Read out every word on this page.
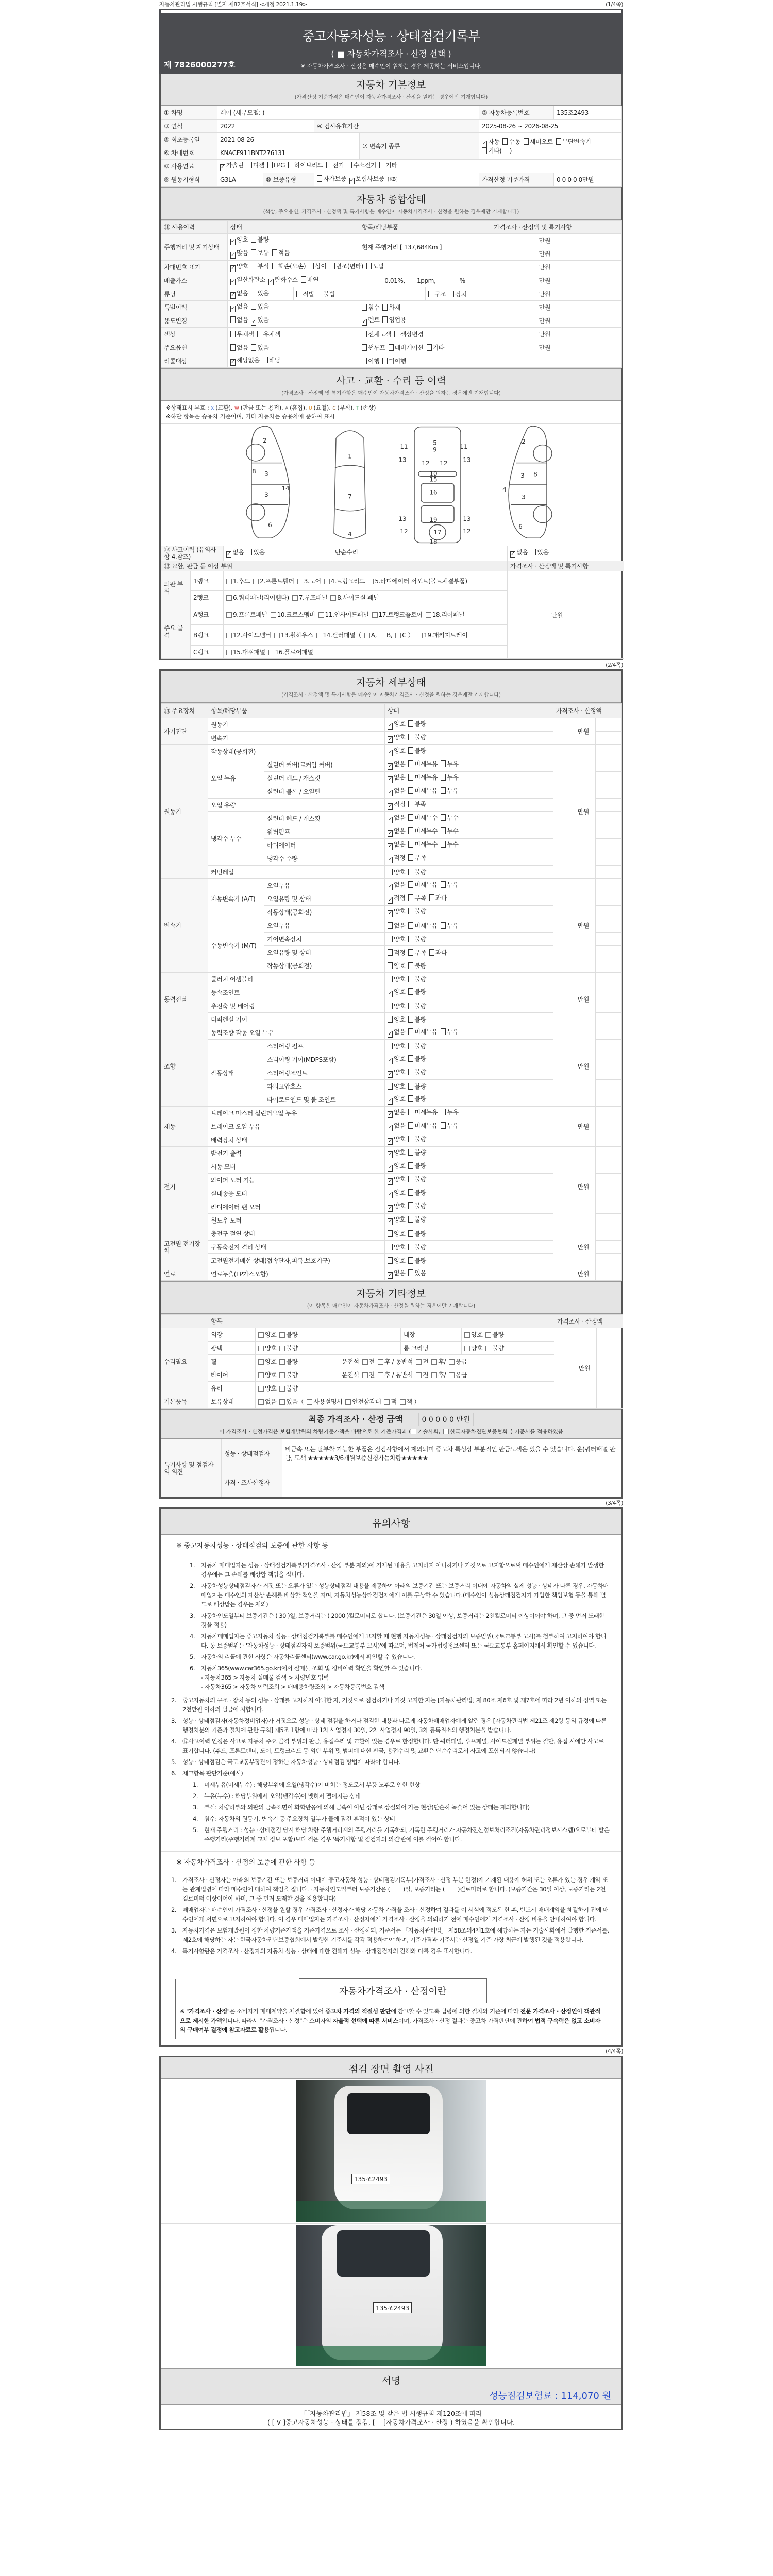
자동차관리법 시행규칙 [별지 제82호서식] <개정 2021.1.19>	(1/4쪽)
중고자동차성능 · 상태점검기록부
( ■ 자동차가격조사 · 산정 선택 )
※ 자동차가격조사 · 산정은 매수인이 원하는 경우 제공하는 서비스입니다.
제 7826000277호
자동차 기본정보
(가격산정 기준가격은 매수인이 자동차가격조사 · 산정을 원하는 경우에만 기재합니다)
① 차명	레이 (세부모델: )				② 자동차등록번호	135조2493
③ 연식	2022		④ 검사유효기간		2025-08-26 ~ 2026-08-25	
⑤ 최초등록일	2021-08-26			⑦ 변속기 종류	✓ 자동 수동 세미오토 무단변속기기타(　 )	
⑥ 차대번호	KNACF911BNT276131					
⑧ 사용연료	✓ 가솔린 디젤 LPG 하이브리드 전기 수소전기 기타					
⑨ 원동기형식	G3LA	⑩ 보증유형	자가보증 ✓ 보험사보증 [KB]		가격산정 기준가격	0 0 0 0 0만원
자동차 종합상태
(색상, 주요옵션, 가격조사 · 산정액 및 특기사항은 매수인이 자동차가격조사 · 산정을 원하는 경우에만 기재합니다)
⑪ 사용이력	상태		항목/해당부품		가격조사 · 산정액 및 특기사항	
주행거리 및 계기상태	✓ 양호 불량		현재 주행거리 [ 137,684Km ]		만원	
	✓ 많음 보통 적음				만원	
차대번호 표기	✓ 양호 부식 훼손(오손) 상이 변조(변타) 도말				만원	
배출가스	✓ 일산화탄소 ✓ 탄화수소 매연		0.01%,　　1ppm,　　　　%		만원	
튜닝	✓ 없음 있음	적법 불법		구조 장치	만원	
특별이력	✓ 없음 있음		침수 화재		만원	
용도변경	없음 ✓ 있음		✓ 렌트 영업용		만원	
색상	무채색 유채색		전체도색 색상변경		만원	
주요옵션	없음 있음		썬루프 네비게이션 기타		만원	
리콜대상	✓ 해당없음 해당		이행 미이행			
사고 · 교환 · 수리 등 이력
(가격조사 · 산정액 및 특기사항은 매수인이 자동차가격조사 · 산정을 원하는 경우에만 기재합니다)
※상태표시 부호 : X (교환), W (판금 또는 용접), A (흠집), U (요철), C (부식), T (손상)
※하단 항목은 승용차 기준이며, 기타 자동차는 승용차에 준하여 표시
2
8 3
14
3
6
1
7
4
5
9
11	11
13	13
12 12
10
15
16
13	13
19
12	12
17
18
2
3 8
4
3
6
⑫ 사고이력 (유의사항 4.참조)		✓ 없음 있음 단순수리	✓ 없음 있음	
⑬ 교환, 판금 등 이상 부위			가격조사 · 산정액 및 특기사항	
외판 부위	1랭크	1.후드 2.프론트휀더 3.도어 4.트렁크리드 5.라디에이터 서포트(볼트체결부품)	만원	
	2랭크	6.쿼터패널(리어휀다) 7.루프패널 8.사이드실 패널		
주요 골격	A랭크	9.프론트패널 10.크로스멤버 11.인사이드패널 17.트렁크플로어 18.리어패널		
	B랭크	12.사이드멤버 13.휠하우스 14.필러패널（ A, B, C ） 19.패키지트레이		
	C랭크	15.대쉬패널 16.플로어패널		
(2/4쪽)
자동차 세부상태
(가격조사 · 산정액 및 특기사항은 매수인이 자동차가격조사 · 산정을 원하는 경우에만 기재합니다)
⑭ 주요장치	항목/해당부품		상태	가격조사 · 산정액	
자기진단	원동기		✓ 양호 불량	만원	
	변속기		✓ 양호 불량		
원동기	작동상태(공회전)		✓ 양호 불량	만원	
	오일 누유	실린더 커버(로커암 커버)	✓ 없음 미세누유 누유		
		실린더 헤드 / 개스킷	✓ 없음 미세누유 누유		
		실린더 블록 / 오일팬	✓ 없음 미세누유 누유		
	오일 유량		✓ 적정 부족		
	냉각수 누수	실린더 헤드 / 개스킷	✓ 없음 미세누수 누수		
		워터펌프	✓ 없음 미세누수 누수		
		라디에이터	✓ 없음 미세누수 누수		
		냉각수 수량	✓ 적정 부족		
	커먼레일		양호 불량		
변속기	자동변속기 (A/T)	오일누유	✓ 없음 미세누유 누유	만원	
		오일유량 및 상태	✓ 적정 부족 과다		
		작동상태(공회전)	✓ 양호 불량		
	수동변속기 (M/T)	오일누유	없음 미세누유 누유		
		기어변속장치	양호 불량		
		오일유량 및 상태	적정 부족 과다		
		작동상태(공회전)	양호 불량		
동력전달	클러치 어셈블리		양호 불량	만원	
	등속조인트		✓ 양호 불량		
	추진축 및 베어링		양호 불량		
	디퍼렌셜 기어		양호 불량		
조향	동력조향 작동 오일 누유		✓ 없음 미세누유 누유	만원	
	작동상태	스티어링 펌프	양호 불량		
		스티어링 기어(MDPS포함)	✓ 양호 불량		
		스티어링조인트	✓ 양호 불량		
		파워고압호스	양호 불량		
		타이로드엔드 및 볼 조인트	✓ 양호 불량		
제동	브레이크 마스터 실린더오일 누유		✓ 없음 미세누유 누유	만원	
	브레이크 오일 누유		✓ 없음 미세누유 누유		
	배력장치 상태		✓ 양호 불량		
전기	발전기 출력		✓ 양호 불량	만원	
	시동 모터		✓ 양호 불량		
	와이퍼 모터 기능		✓ 양호 불량		
	실내송풍 모터		✓ 양호 불량		
	라디에이터 팬 모터		✓ 양호 불량		
	윈도우 모터		✓ 양호 불량		
고전원 전기장치	충전구 절연 상태		양호 불량	만원	
	구동축전지 격리 상태		양호 불량		
	고전원전기배선 상태(접속단자,피복,보호기구)		양호 불량		
연료	연료누출(LP가스포함)		✓ 없음 있음	만원	
자동차 기타정보
(이 항목은 매수인이 자동차가격조사 · 산정을 원하는 경우에만 기재합니다)
	항목					가격조사 · 산정액	
수리필요	외장	양호 불량		내장	양호 불량	만원	
	광택	양호 불량		룸 크리닝	양호 불량		
	휠	양호 불량	운전석 전 후 / 동반석 전 후/ 응급				
	타이어	양호 불량	운전석 전 후 / 동반석 전 후/ 응급				
	유리	양호 불량					
기본품목	보유상태	없음 있음（ 사용설명서 안전삼각대 잭 잭 ）					
최종 가격조사 · 산정 금액	0 0 0 0 0 만원
이 가격조사 · 산정가격은 보험개발원의 차량기준가액을 바탕으로 한 기준가격과 ( 기술사회, 한국자동차진단보증협회 ) 기준서를 적용하였음
특기사항 및 점검자의 의견	성능 · 상태점검자	비금속 또는 탈부착 가능한 부품은 점검사항에서 제외되며 중고차 특성상 부분적인 판금도색은 있을 수 있습니다. 운)쿼터패널 판금, 도색 ★★★★★3/6개월보증신청가능차량★★★★★
	가격 · 조사산정자	
(3/4쪽)
유의사항
※ 중고자동차성능 · 상태점검의 보증에 관한 사항 등
1.	자동차 매매업자는 성능 · 상태점검기록부(가격조사 · 산정 부분 제외)에 기재된 내용을 고지하지 아니하거나 거짓으로 고지함으로써 매수인에게 재산상 손해가 발생한 경우에는 그 손해를 배상할 책임을 집니다.
2.	자동차성능상태점검자가 거짓 또는 오류가 있는 성능상태점검 내용을 제공하여 아래의 보증기간 또는 보증거리 이내에 자동차의 실제 성능 · 상태가 다른 경우, 자동차매매업자는 매수인의 재산상 손해를 배상할 책임을 지며, 자동차성능상태점검자에게 이를 구상할 수 있습니다.(매수인이 성능상태점검자가 가입한 책임보험 등을 통해 별도로 배상받는 경우는 제외)
3.	자동차인도일부터 보증기간은 ( 30 )일, 보증거리는 ( 2000 )킬로미터로 합니다. (보증기간은 30일 이상, 보증거리는 2천킬로미터 이상이어야 하며, 그 중 먼저 도래한 것을 적용)
4.	자동차매매업자는 중고자동차 성능 · 상태점검기록부를 매수인에게 고지할 때 현행 자동차성능 · 상태점검자의 보증범위(국토교통부 고시)를 첨부하여 고지하여야 합니다. 동 보증범위는 '자동차성능 · 상태점검자의 보증범위(국토교통부 고시)'에 따르며, 법제처 국가법령정보센터 또는 국토교통부 홈페이지에서 확인할 수 있습니다.
5.	자동차의 리콜에 관한 사항은 자동차리콜센터(www.car.go.kr)에서 확인할 수 있습니다.
6.	자동차365(www.car365.go.kr)에서 실매물 조회 및 정비이력 확인을 확인할 수 있습니다.
- 자동차365 > 자동차 실매물 검색 > 차량번호 입력
- 자동차365 > 자동차 이력조회 > 매매용차량조회 > 자동차등록번호 검색
2.	중고자동차의 구조 · 장치 등의 성능 · 상태를 고지하지 아니한 자, 거짓으로 점검하거나 거짓 고지한 자는 [자동차관리법] 제 80조 제6호 및 제7호에 따라 2년 이하의 징역 또는 2천만원 이하의 벌금에 처합니다.
3.	성능 · 상태점검자(자동차정비업자)가 거짓으로 성능 · 상태 점검을 하거나 점검한 내용과 다르게 자동차매매업자에게 알린 경우 [자동차관리법 제21조 제2항 등의 규정에 따른 행정처분의 기준과 절차에 관한 규칙] 제5조 1항에 따라 1차 사업정지 30일, 2차 사업정지 90일, 3차 등록취소의 행정처분을 받습니다.
4.	⑫사고이력 인정은 사고로 자동차 주요 골격 부위의 판금, 용접수리 및 교환이 있는 경우로 한정합니다. 단 쿼터패널, 루프패널, 사이드실패널 부위는 절단, 용접 시에만 사고로 표기합니다. (후드, 프론트펜더, 도어, 트렁크리드 등 외판 부위 및 범퍼에 대한 판금, 용접수리 및 교환은 단순수리로서 사고에 포함되지 않습니다)
5.	성능 · 상태점검은 국토교통부장관이 정하는 자동차성능 · 상태점검 방법에 따라야 합니다.
6.	체크항목 판단기준(예시)
1.	미세누유(미세누수) : 해당부위에 오일(냉각수)이 비치는 정도로서 부품 노후로 인한 현상
2.	누유(누수) : 해당부위에서 오일(냉각수)이 맺혀서 떨어지는 상태
3.	부식: 차량하부와 외판의 금속표면이 화학반응에 의해 금속이 아닌 상태로 상실되어 가는 현상(단순히 녹슬어 있는 상태는 제외합니다)
4.	침수: 자동차의 원동기, 변속기 등 주요장치 일부가 물에 잠긴 흔적이 있는 상태
5.	현재 주행거리 : 성능 · 상태점검 당시 해당 차량 주행거리계의 주행거리를 기록하되, 기록한 주행거리가 자동차전산정보처리조직(자동차관리정보시스템)으로부터 받은 주행거리(주행거리계 교체 정보 포함)보다 적은 경우 '특기사항 및 점검자의 의견'란에 이를 적어야 합니다.
※ 자동차가격조사 · 산정의 보증에 관한 사항 등
1.	가격조사 · 산정자는 아래의 보증기간 또는 보증거리 이내에 중고자동차 성능 · 상태점검기록부(가격조사 · 산정 부분 한정)에 기재된 내용에 허위 또는 오류가 있는 경우 계약 또는 관계법령에 따라 매수인에 대하여 책임을 집니다. · 자동차인도일부터 보증기간은 (　　 )일, 보증거리는 (　　 )킬로미터로 합니다. (보증기간은 30일 이상, 보증거리는 2천킬로미터 이상이어야 하며, 그 중 먼저 도래한 것을 적용합니다)
2.	매매업자는 매수인이 가격조사 · 산정을 원할 경우 가격조사 · 산정자가 해당 자동차 가격을 조사 · 산정하여 결과를 이 서식에 적도록 한 후, 반드시 매매계약을 체결하기 전에 매수인에게 서면으로 고지하여야 합니다. 이 경우 매매업자는 가격조사 · 산정자에게 가격조사 · 산정을 의뢰하기 전에 매수인에게 가격조사 · 산정 비용을 안내하여야 합니다.
3.	자동차가격은 보험개발원이 정한 차량기준가액을 기준가격으로 조사 · 산정하되, 기준서는 「자동차관리법」 제58조의4제1호에 해당하는 자는 기술사회에서 발행한 기준서를, 제2호에 해당하는 자는 한국자동차진단보증협회에서 발행한 기준서를 각각 적용하여야 하며, 기준가격과 기준서는 산정일 기준 가장 최근에 발행된 것을 적용합니다.
4.	특기사항란은 가격조사 · 산정자의 자동차 성능 · 상태에 대한 견해가 성능 · 상태점검자의 견해와 다를 경우 표시합니다.
자동차가격조사 · 산정이란

※ "가격조사 · 산정"은 소비자가 매매계약을 체결함에 있어 중고차 가격의 적절성 판단에 참고할 수 있도록 법령에 의한 절차와 기준에 따라 전문 가격조사 · 산정인이 객관적으로 제시한 가액입니다. 따라서 "가격조사 · 산정"은 소비자의 자율적 선택에 따른 서비스이며, 가격조사 · 산정 결과는 중고차 가격판단에 관하여 법적 구속력은 없고 소비자의 구매여부 결정에 참고자료로 활용됩니다.

(4/4쪽)
점검 장면 촬영 사진
135조2493
135조2493
서명
성능점검보험료 : 114,070 원
「「자동차관리법」 제58조 및 같은 법 시행규칙 제120조에 따라
( [ V ]중고자동차성능 · 상태를 점검, [　 ]자동차가격조사 · 산정 ) 하였음을 확인합니다.
